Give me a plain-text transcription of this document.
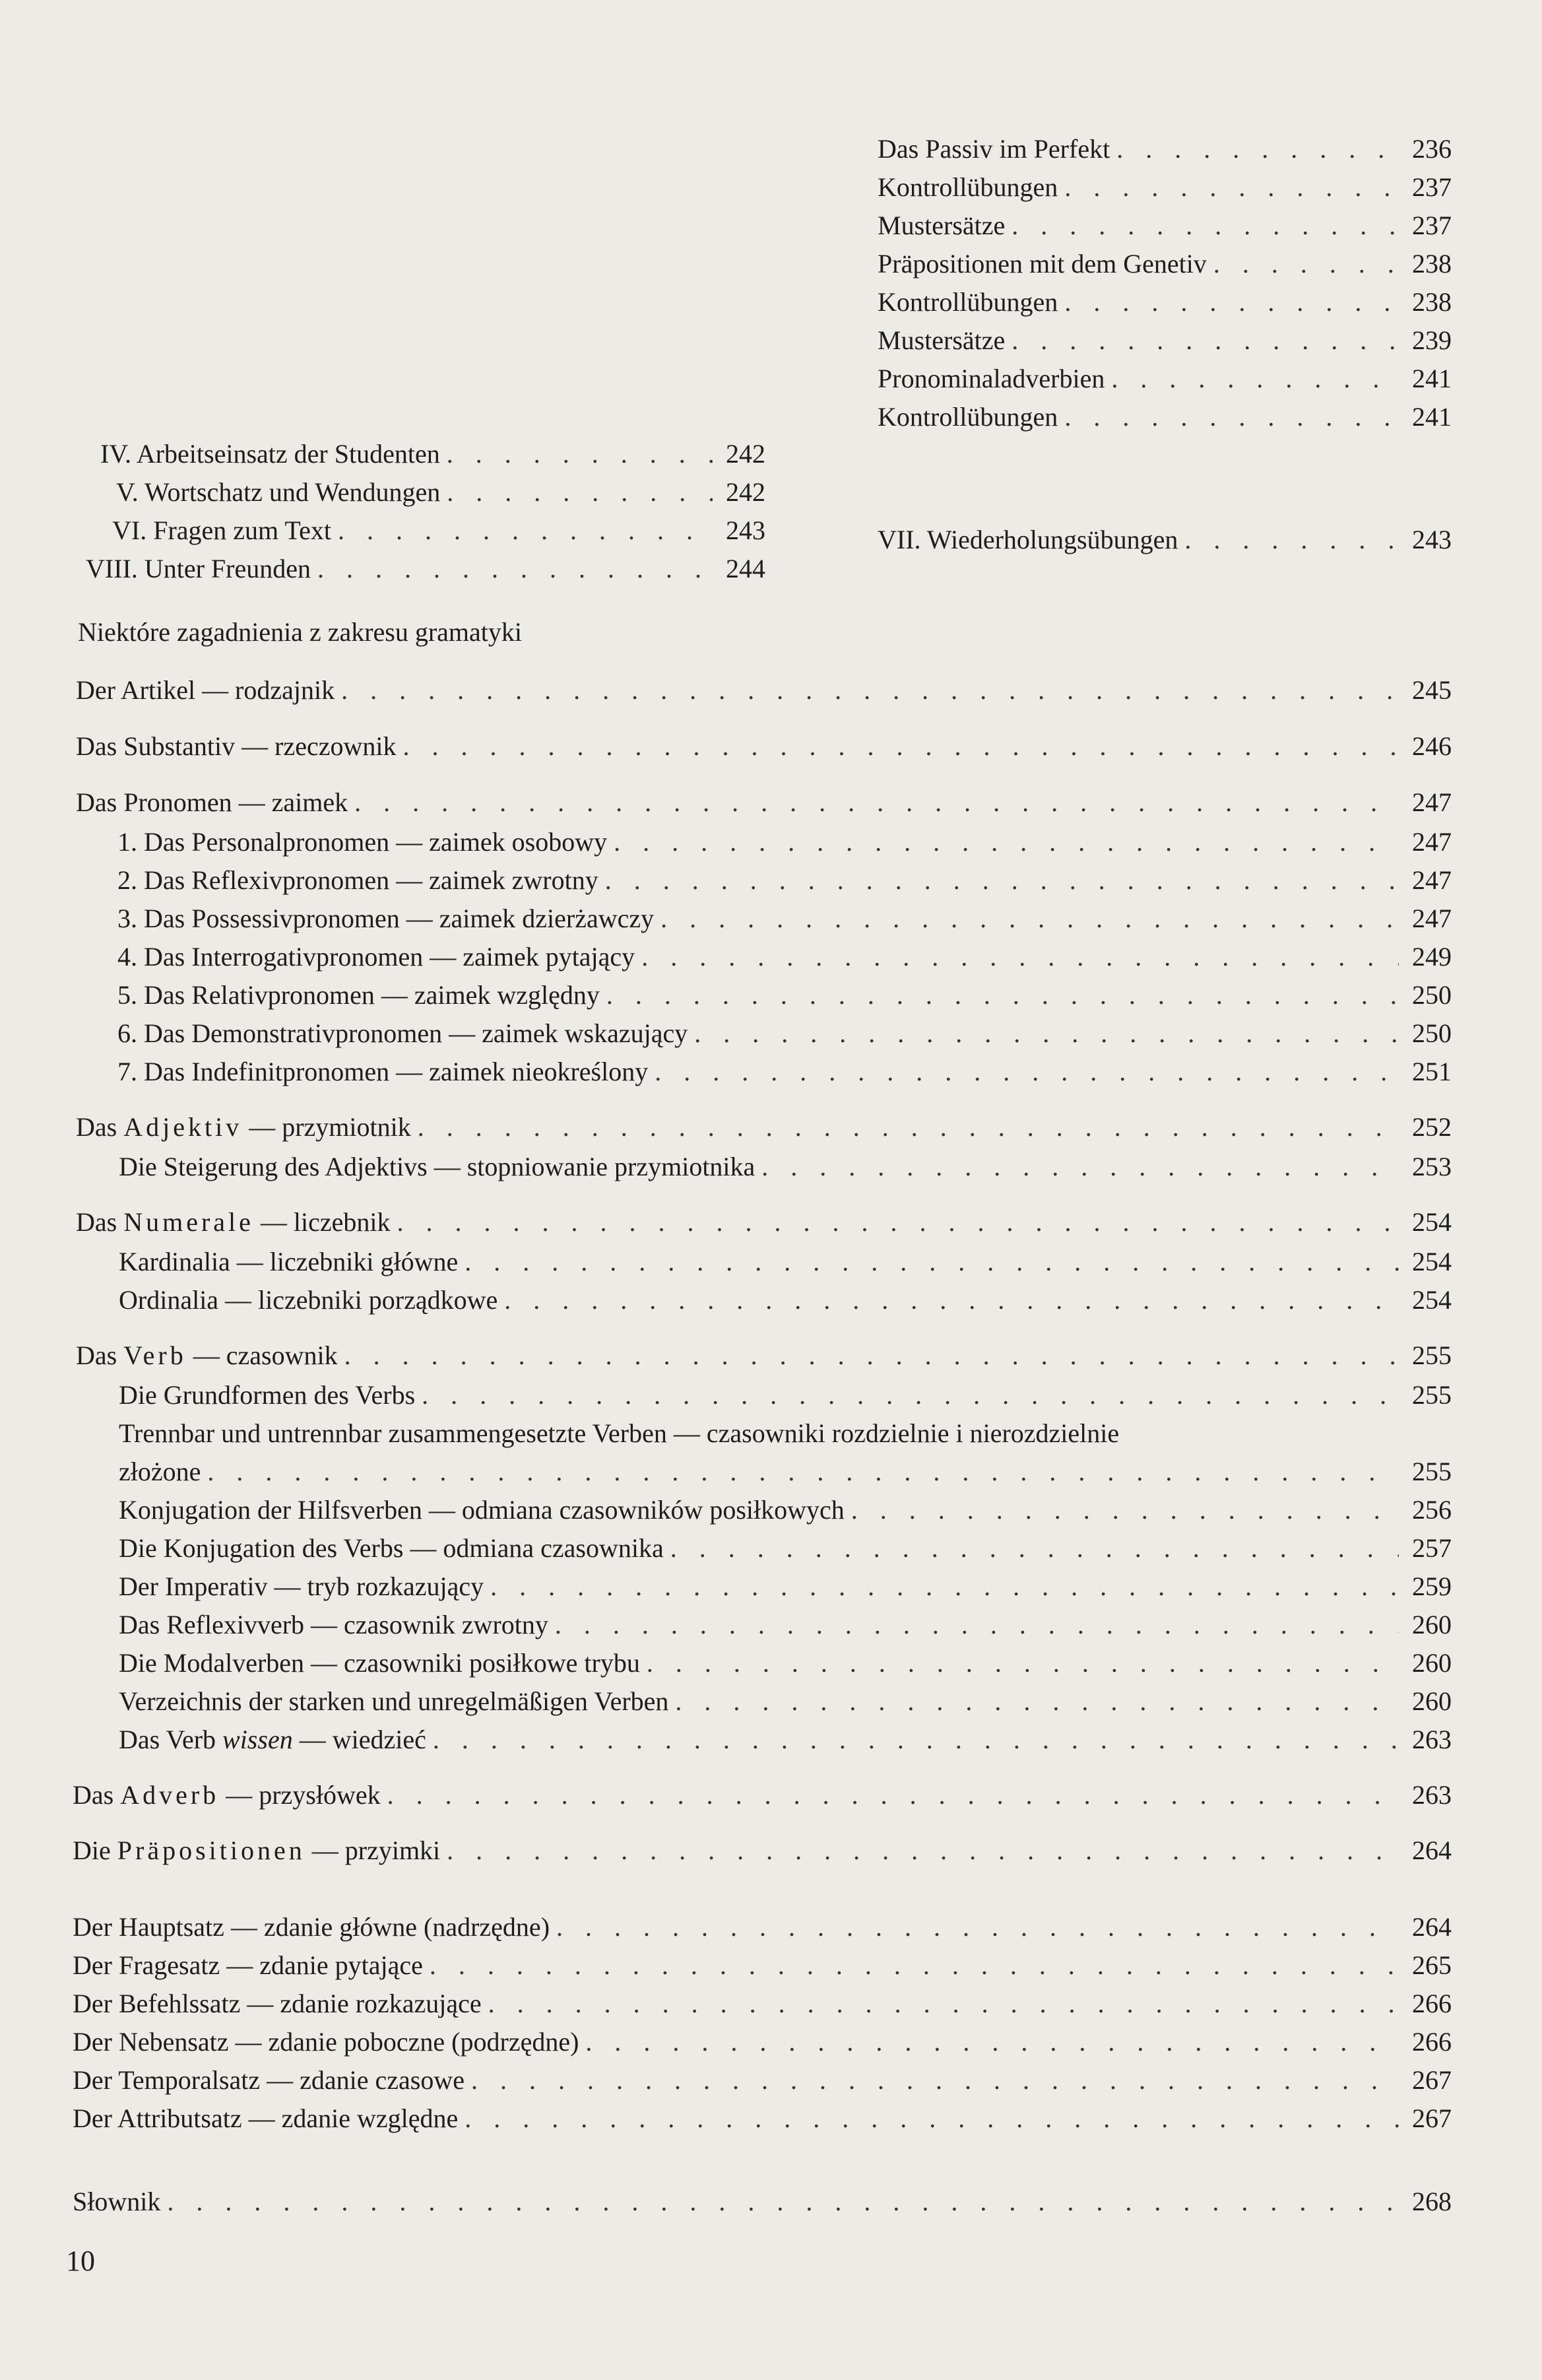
Das Passiv im Perfekt . . .	236
Kontrollübungen . . .	237
Mustersätze . . .	237
Präpositionen mit dem Genetiv . . .	238
Kontrollübungen . . .	238
Mustersätze . . .	239
Pronominaladverbien . . .	241
Kontrollübungen . . .	241
IV. Arbeitseinsatz der Studenten . . .	242
V. Wortschatz und Wendungen . . .	242
VI. Fragen zum Text . . .	243
VIII. Unter Freunden . . .	244
VII. Wiederholungsübungen . . .	243
Niektóre zagadnienia z zakresu gramatyki
Der Artikel — rodzajnik . . .	245
Das Substantiv — rzeczownik . . .	246
Das Pronomen — zaimek . . .	247
1. Das Personalpronomen — zaimek osobowy . . .	247
2. Das Reflexivpronomen — zaimek zwrotny . . .	247
3. Das Possessivpronomen — zaimek dzierżawczy . . .	247
4. Das Interrogativpronomen — zaimek pytający . . .	249
5. Das Relativpronomen — zaimek względny . . .	250
6. Das Demonstrativpronomen — zaimek wskazujący . . .	250
7. Das Indefinitpronomen — zaimek nieokreślony . . .	251
Das Adjektiv — przymiotnik . . .	252
Die Steigerung des Adjektivs — stopniowanie przymiotnika . . .	253
Das Numerale — liczebnik . . .	254
Kardinalia — liczebniki główne . . .	254
Ordinalia — liczebniki porządkowe . . .	254
Das Verb — czasownik . . .	255
Die Grundformen des Verbs . . .	255
Trennbar und untrennbar zusammengesetzte Verben — czasowniki rozdzielnie i nierozdzielnie
złożone . . .	255
Konjugation der Hilfsverben — odmiana czasowników posiłkowych . . .	256
Die Konjugation des Verbs — odmiana czasownika . . .	257
Der Imperativ — tryb rozkazujący . . .	259
Das Reflexivverb — czasownik zwrotny . . .	260
Die Modalverben — czasowniki posiłkowe trybu . . .	260
Verzeichnis der starken und unregelmäßigen Verben . . .	260
Das Verb wissen — wiedzieć . . .	263
Das Adverb — przysłówek . . .	263
Die Präpositionen — przyimki . . .	264
Der Hauptsatz — zdanie główne (nadrzędne) . . .	264
Der Fragesatz — zdanie pytające . . .	265
Der Befehlssatz — zdanie rozkazujące . . .	266
Der Nebensatz — zdanie poboczne (podrzędne) . . .	266
Der Temporalsatz — zdanie czasowe . . .	267
Der Attributsatz — zdanie względne . . .	267
Słownik . . .	268
10
